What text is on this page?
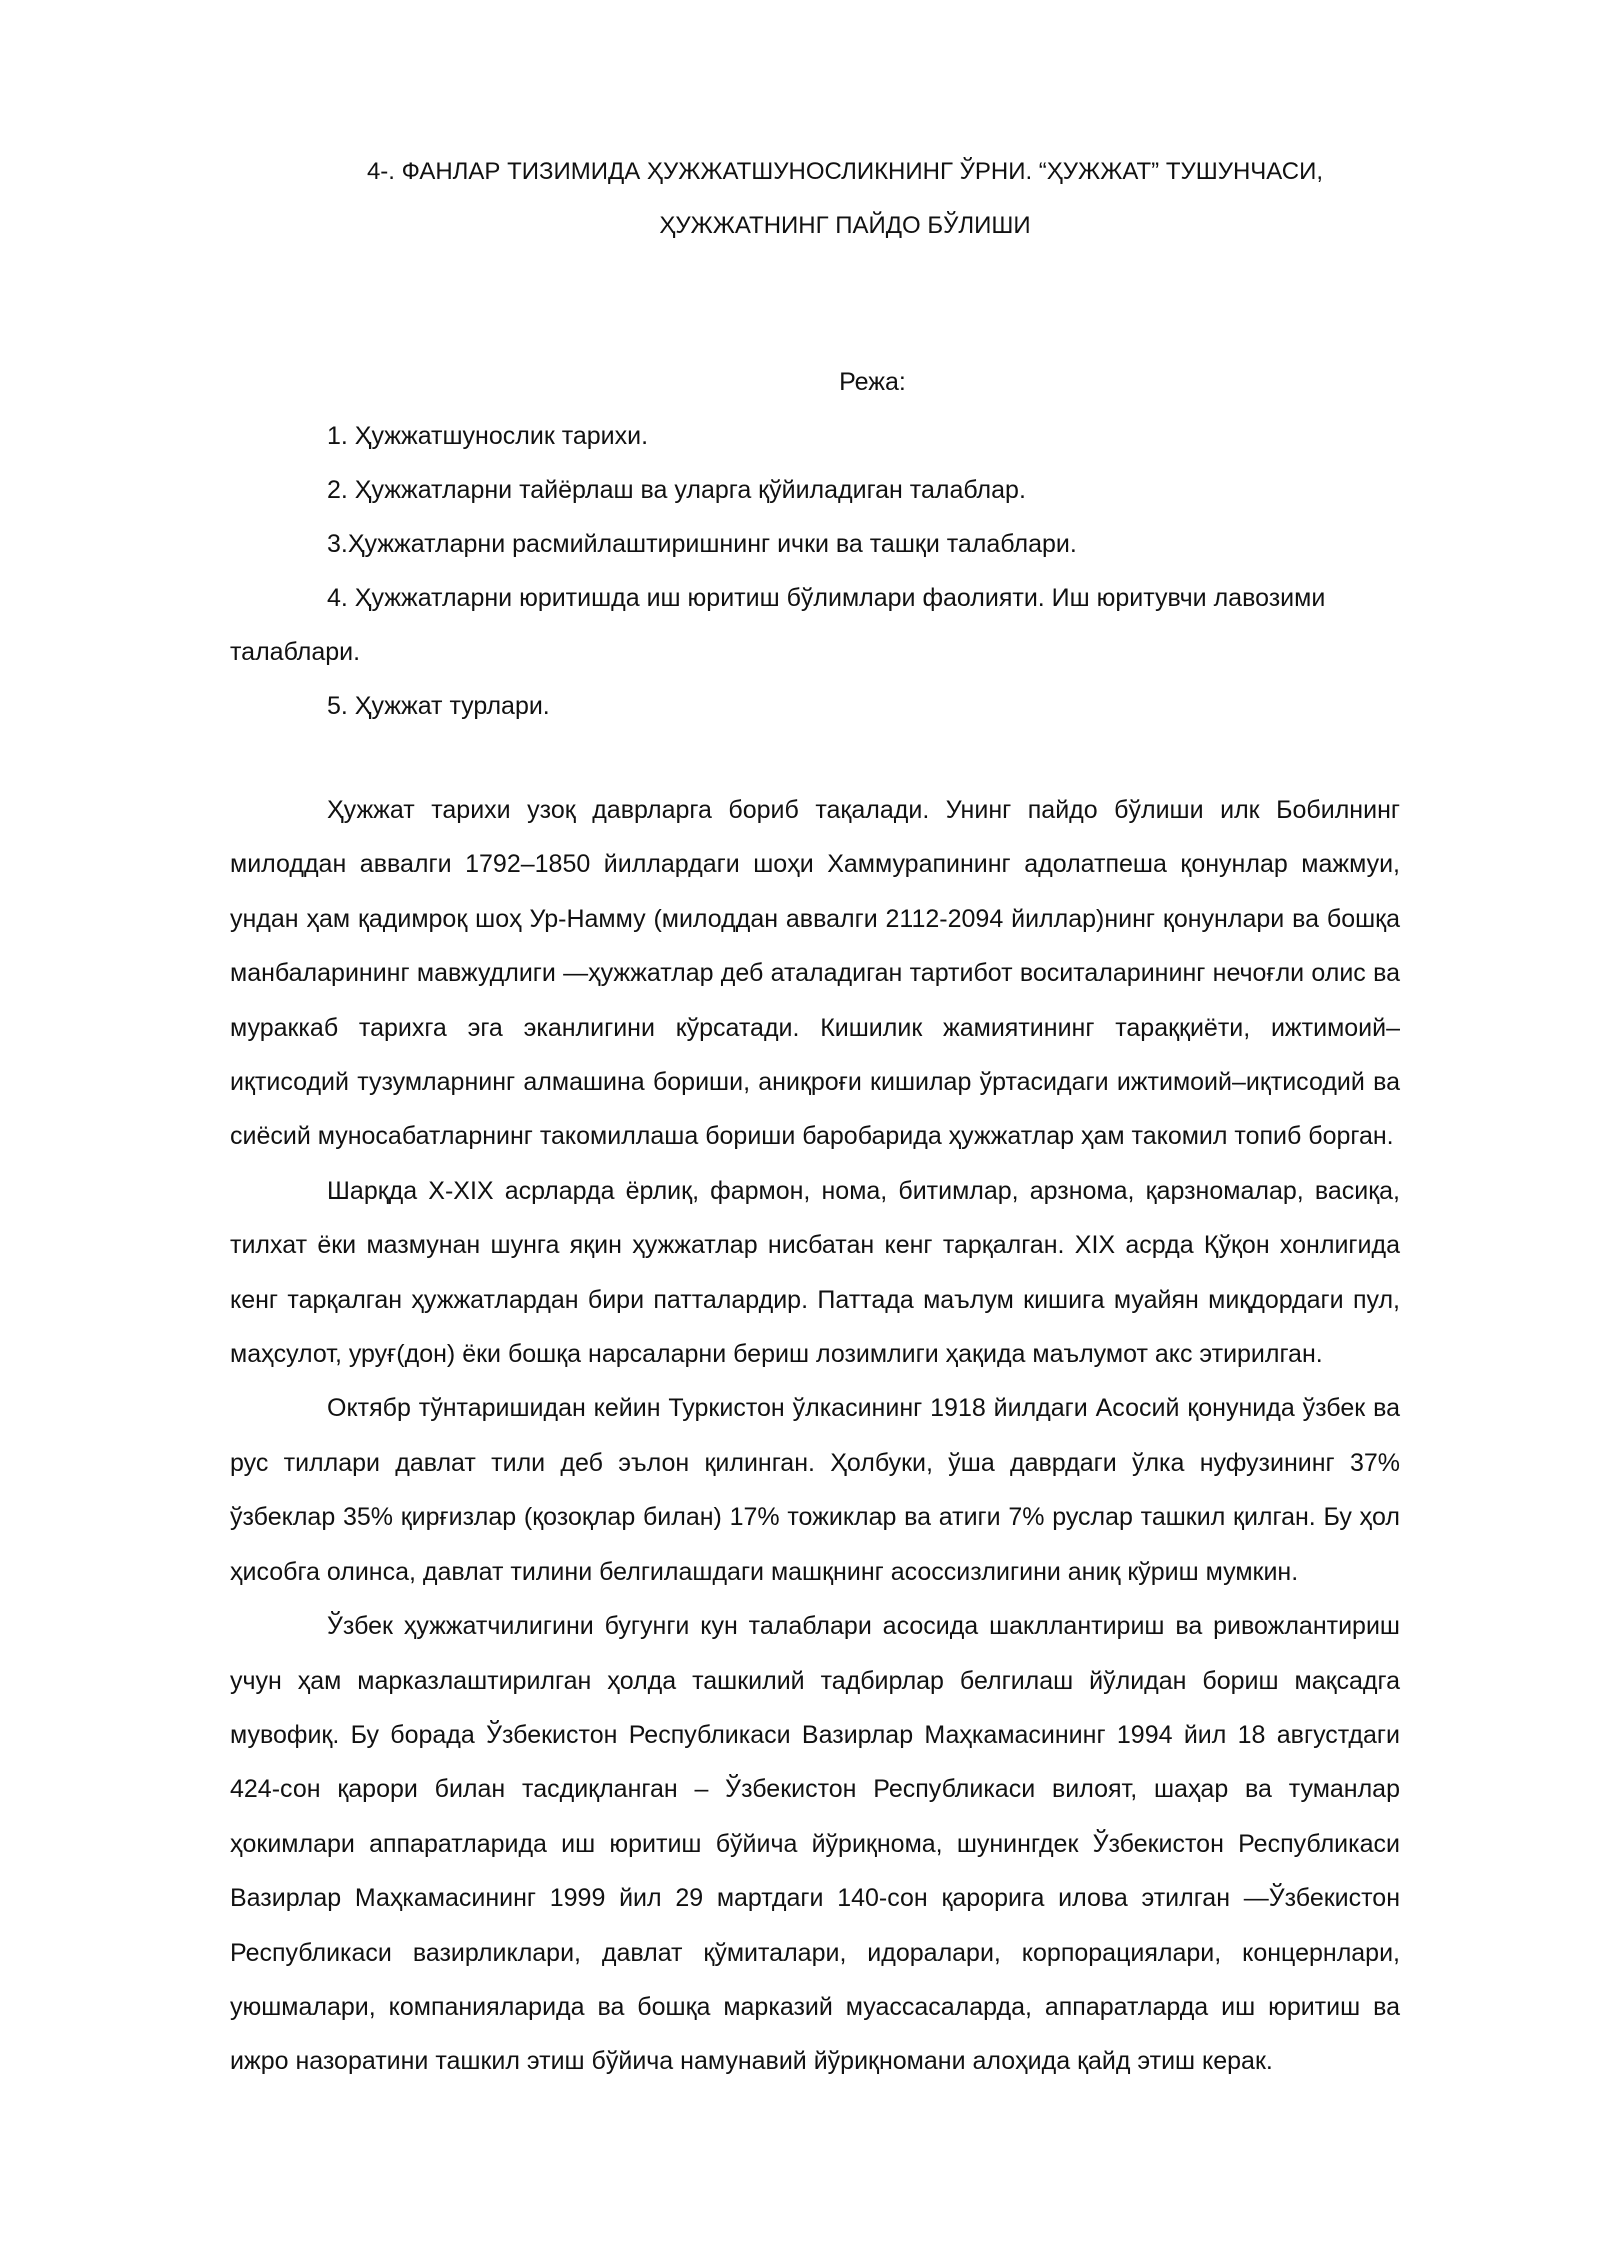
4-. ФАНЛАР ТИЗИМИДА ҲУЖЖАТШУНОСЛИКНИНГ ЎРНИ. “ҲУЖЖАТ” ТУШУНЧАСИ,

ҲУЖЖАТНИНГ ПАЙДО БЎЛИШИ

Режа:
1. Ҳужжатшунослик тарихи.
2. Ҳужжатларни тайёрлаш ва уларга қўйиладиган талаблар.
3.Ҳужжатларни расмийлаштиришнинг ички ва ташқи талаблари.
4. Ҳужжатларни юритишда иш юритиш бўлимлари фаолияти. Иш юритувчи лавозими талаблари.
5. Ҳужжат турлари.

Ҳужжат тарихи узоқ даврларга бориб тақалади. Унинг пайдо бўлиши илк Бобилнинг милоддан аввалги 1792–1850 йиллардаги шоҳи Хаммурапининг адолатпеша қонунлар мажмуи, ундан ҳам қадимроқ шоҳ Ур-Намму (милоддан аввалги 2112-2094 йиллар)нинг қонунлари ва бошқа манбаларининг мавжудлиги ―ҳужжатлар деб аталадиган тартибот воситаларининг нечоғли олис ва мураккаб тарихга эга эканлигини кўрсатади. Кишилик жамиятининг тараққиёти, ижтимоий–иқтисодий тузумларнинг алмашина бориши, аниқроғи кишилар ўртасидаги ижтимоий–иқтисодий ва сиёсий муносабатларнинг такомиллаша бориши баробарида ҳужжатлар ҳам такомил топиб борган.

Шарқда X-XIX асрларда ёрлиқ, фармон, нома, битимлар, арзнома, қарзномалар, васиқа, тилхат ёки мазмунан шунга яқин ҳужжатлар нисбатан кенг тарқалган. XIX асрда Қўқон хонлигида кенг тарқалган ҳужжатлардан бири патталардир. Паттада маълум кишига муайян миқдордаги пул, маҳсулот, уруғ(дон) ёки бошқа нарсаларни бериш лозимлиги ҳақида маълумот акс этирилган.

Октябр тўнтаришидан кейин Туркистон ўлкасининг 1918 йилдаги Асосий қонунида ўзбек ва рус тиллари давлат тили деб эълон қилинган. Ҳолбуки, ўша даврдаги ўлка нуфузининг 37% ўзбеклар 35% қирғизлар (қозоқлар билан) 17% тожиклар ва атиги 7% руслар ташкил қилган. Бу ҳол ҳисобга олинса, давлат тилини белгилашдаги машқнинг асоссизлигини аниқ кўриш мумкин.

Ўзбек ҳужжатчилигини бугунги кун талаблари асосида шакллантириш ва ривожлантириш учун ҳам марказлаштирилган ҳолда ташкилий тадбирлар белгилаш йўлидан бориш мақсадга мувофиқ. Бу борада Ўзбекистон Республикаси Вазирлар Маҳкамасининг 1994 йил 18 августдаги 424-сон қарори билан тасдиқланган – Ўзбекистон Республикаси вилоят, шаҳар ва туманлар ҳокимлари аппаратларида иш юритиш бўйича йўриқнома, шунингдек Ўзбекистон Республикаси Вазирлар Маҳкамасининг 1999 йил 29 мартдаги 140-сон қарорига илова этилган ―Ўзбекистон Республикаси вазирликлари, давлат қўмиталари, идоралари, корпорациялари, концернлари, уюшмалари, компанияларида ва бошқа марказий муассасаларда, аппаратларда иш юритиш ва ижро назоратини ташкил этиш бўйича намунавий йўриқномани алоҳида қайд этиш керак.
